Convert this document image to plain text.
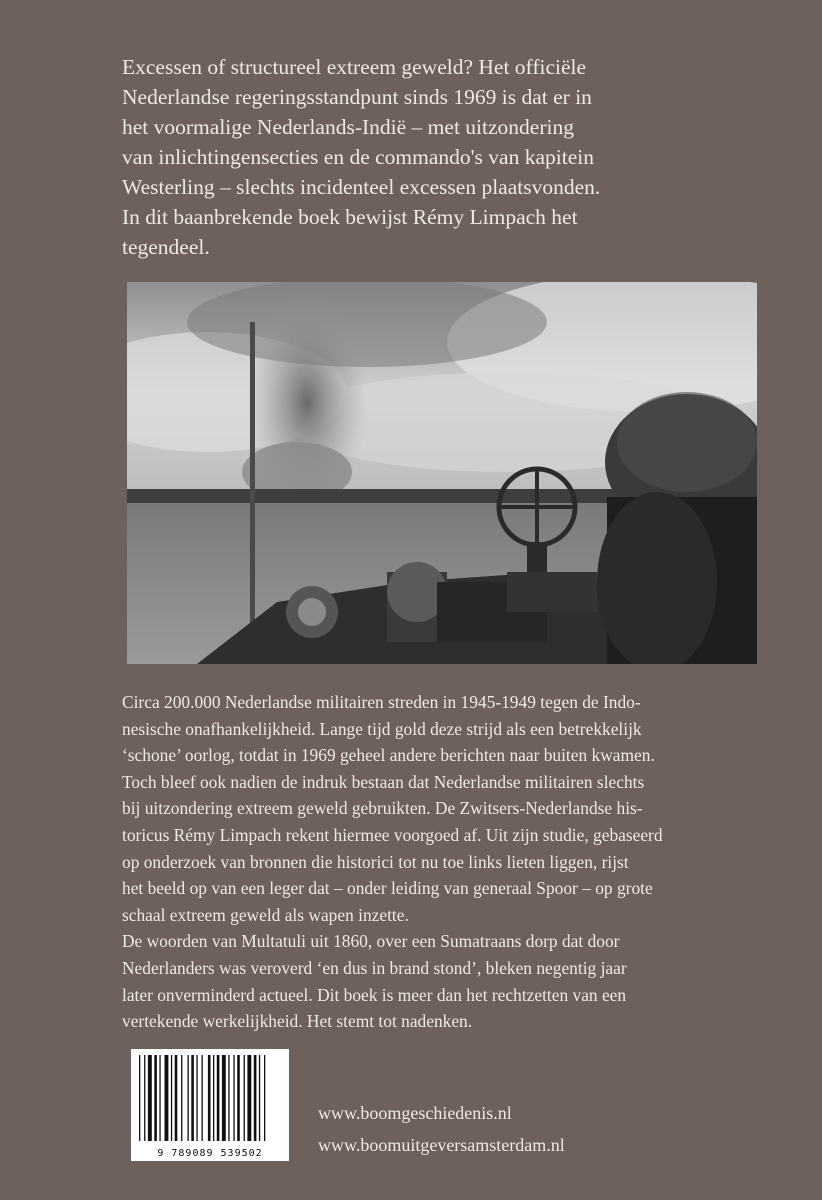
Excessen of structureel extreem geweld? Het officiële
Nederlandse regeringsstandpunt sinds 1969 is dat er in
het voormalige Nederlands-Indië – met uitzondering
van inlichtingensecties en de commando's van kapitein
Westerling – slechts incidenteel excessen plaatsvonden.
In dit baanbrekende boek bewijst Rémy Limpach het
tegendeel.
Circa 200.000 Nederlandse militairen streden in 1945-1949 tegen de Indo-
nesische onafhankelijkheid. Lange tijd gold deze strijd als een betrekkelijk
‘schone’ oorlog, totdat in 1969 geheel andere berichten naar buiten kwamen.
Toch bleef ook nadien de indruk bestaan dat Nederlandse militairen slechts
bij uitzondering extreem geweld gebruikten. De Zwitsers-Nederlandse his-
toricus Rémy Limpach rekent hiermee voorgoed af. Uit zijn studie, gebaseerd
op onderzoek van bronnen die historici tot nu toe links lieten liggen, rijst
het beeld op van een leger dat – onder leiding van generaal Spoor – op grote
schaal extreem geweld als wapen inzette.
De woorden van Multatuli uit 1860, over een Sumatraans dorp dat door
Nederlanders was veroverd ‘en dus in brand stond’, bleken negentig jaar
later onverminderd actueel. Dit boek is meer dan het rechtzetten van een
vertekende werkelijkheid. Het stemt tot nadenken.
9 789089 539502
www.boomgeschiedenis.nl
www.boomuitgeversamsterdam.nl
